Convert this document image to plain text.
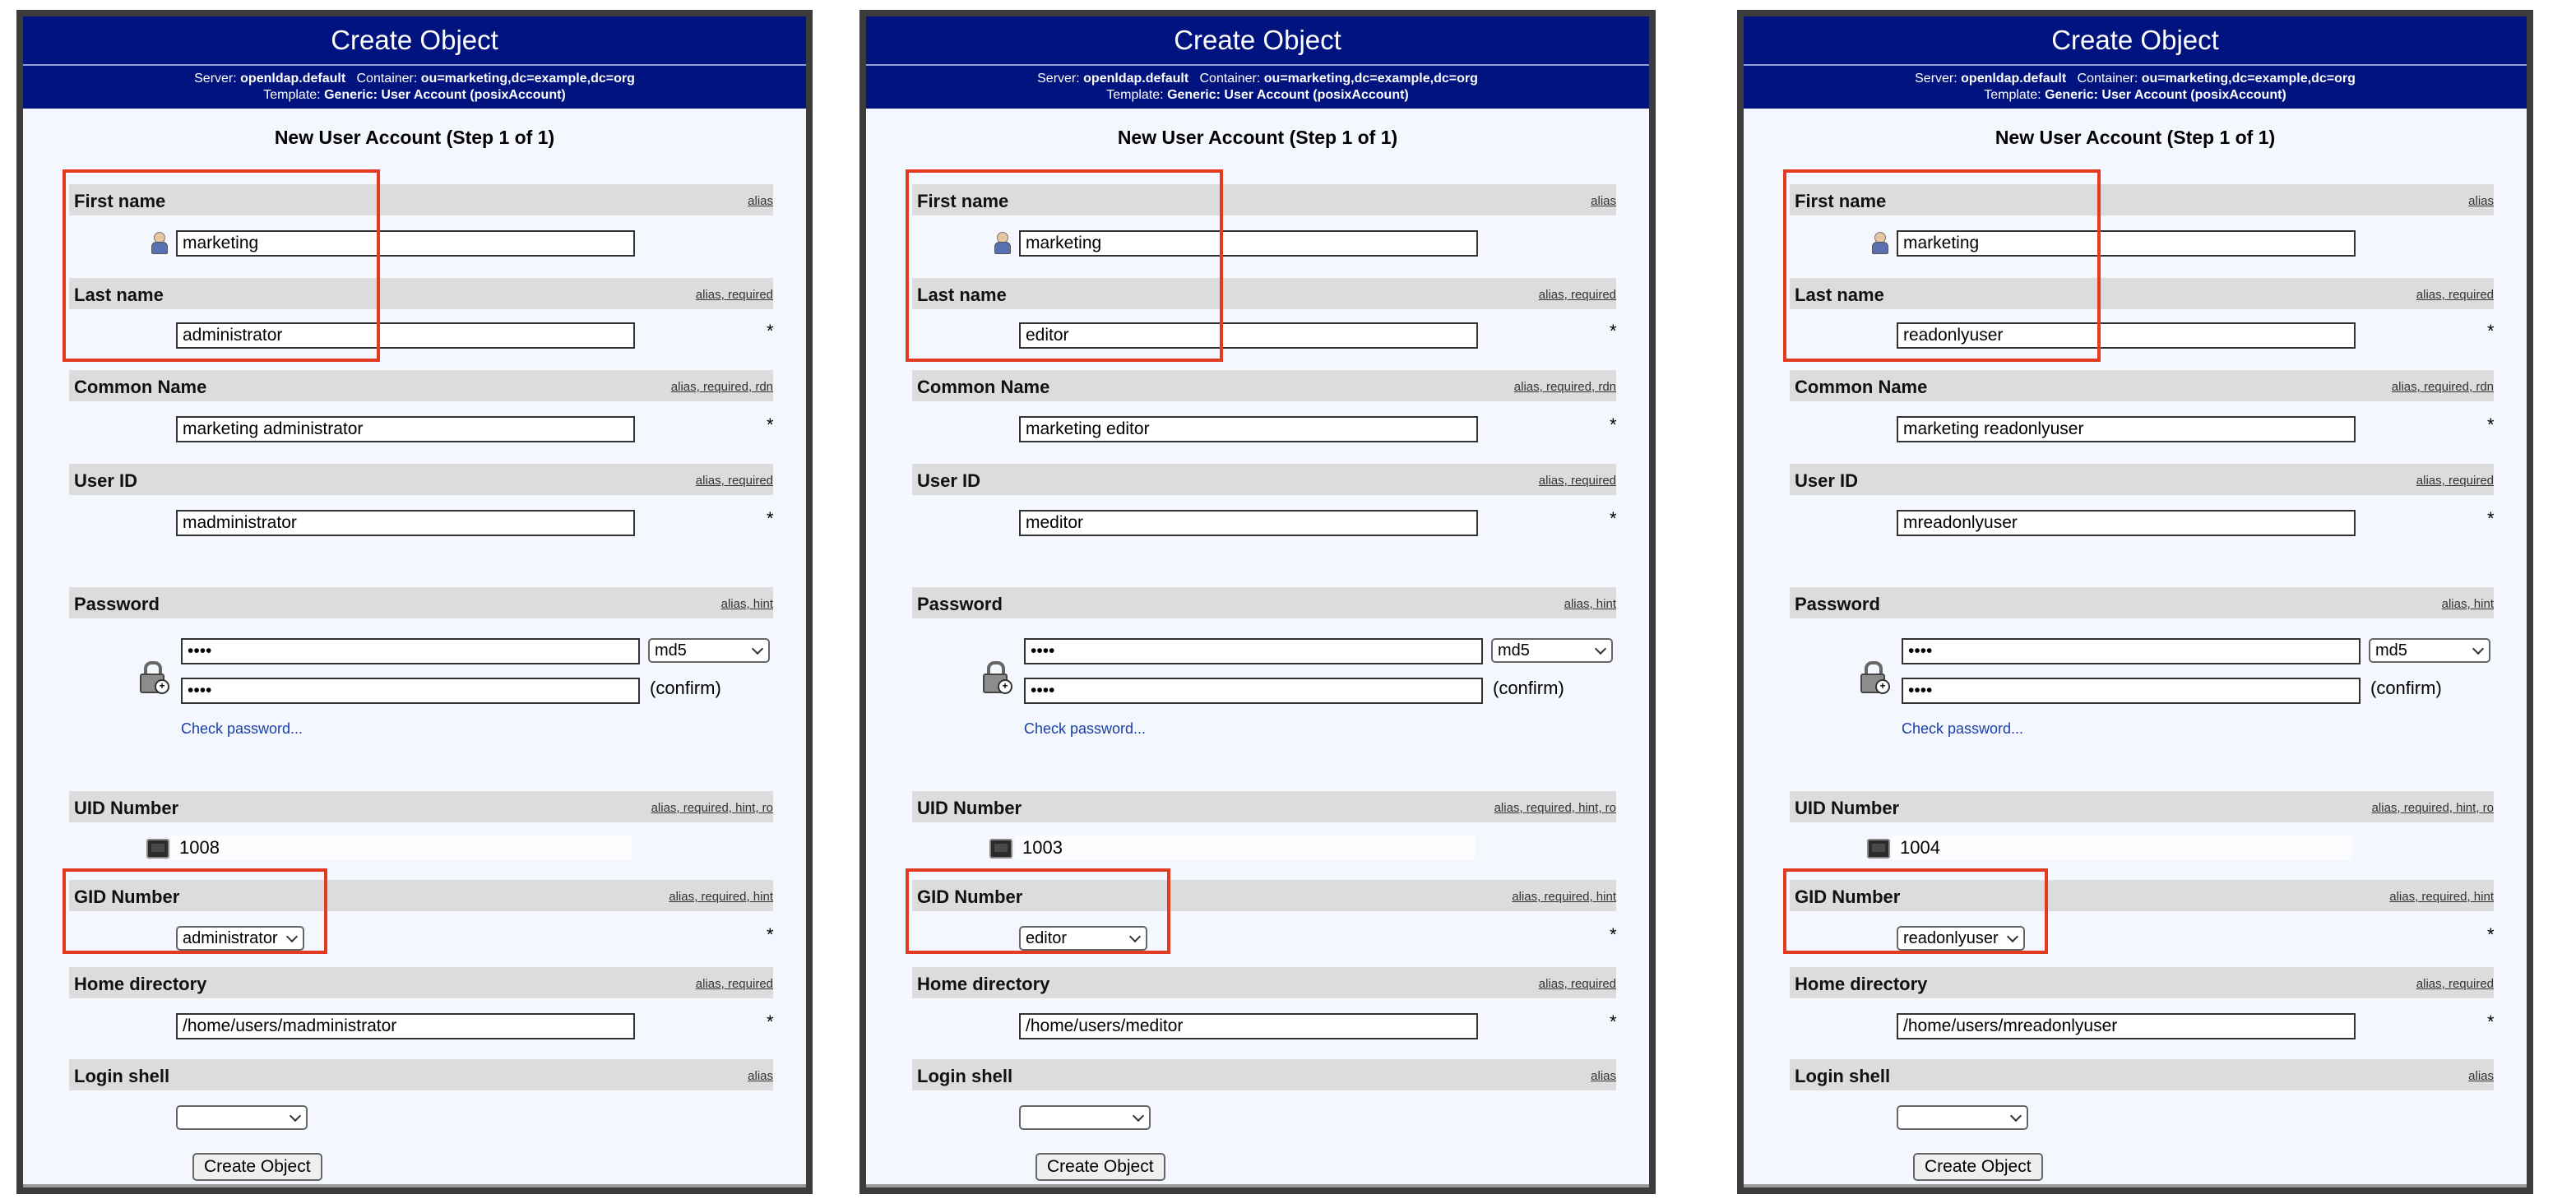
Create Object
Server: openldap.default Container: ou=marketing,dc=example,dc=org
Template: Generic: User Account (posixAccount)
New User Account (Step 1 of 1)
First name	alias
marketing
Last name	alias, required
administrator	*
Common Name	alias, required, rdn
marketing administrator	*
User ID	alias, required
madministrator	*
Password	alias, hint
+
••••	md5
••••	(confirm)
Check password...
UID Number	alias, required, hint, ro
1008
GID Number	alias, required, hint
administrator	*
Home directory	alias, required
/home/users/madministrator	*
Login shell	alias
Create Object
Create Object
Server: openldap.default Container: ou=marketing,dc=example,dc=org
Template: Generic: User Account (posixAccount)
New User Account (Step 1 of 1)
First name	alias
marketing
Last name	alias, required
editor	*
Common Name	alias, required, rdn
marketing editor	*
User ID	alias, required
meditor	*
Password	alias, hint
+
••••	md5
••••	(confirm)
Check password...
UID Number	alias, required, hint, ro
1003
GID Number	alias, required, hint
editor	*
Home directory	alias, required
/home/users/meditor	*
Login shell	alias
Create Object
Create Object
Server: openldap.default Container: ou=marketing,dc=example,dc=org
Template: Generic: User Account (posixAccount)
New User Account (Step 1 of 1)
First name	alias
marketing
Last name	alias, required
readonlyuser	*
Common Name	alias, required, rdn
marketing readonlyuser	*
User ID	alias, required
mreadonlyuser	*
Password	alias, hint
+
••••	md5
••••	(confirm)
Check password...
UID Number	alias, required, hint, ro
1004
GID Number	alias, required, hint
readonlyuser	*
Home directory	alias, required
/home/users/mreadonlyuser	*
Login shell	alias
Create Object
